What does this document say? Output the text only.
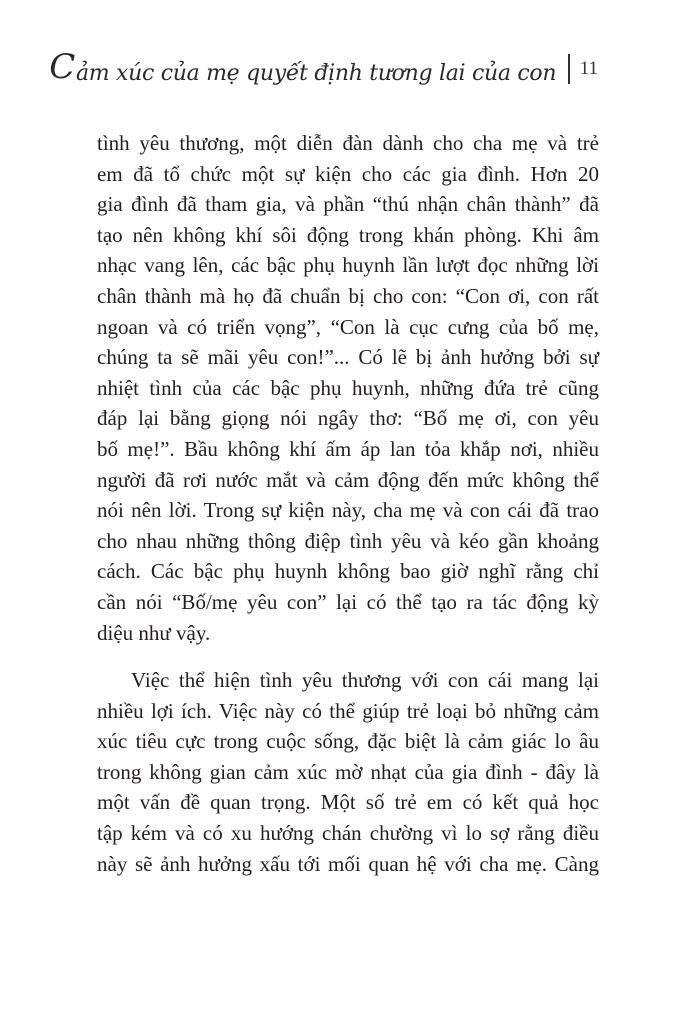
Cảm xúc của mẹ quyết định tương lai của con 11
tình yêu thương, một diễn đàn dành cho cha mẹ và trẻ
em đã tổ chức một sự kiện cho các gia đình. Hơn 20
gia đình đã tham gia, và phần “thú nhận chân thành” đã
tạo nên không khí sôi động trong khán phòng. Khi âm
nhạc vang lên, các bậc phụ huynh lần lượt đọc những lời
chân thành mà họ đã chuẩn bị cho con: “Con ơi, con rất
ngoan và có triển vọng”, “Con là cục cưng của bố mẹ,
chúng ta sẽ mãi yêu con!”... Có lẽ bị ảnh hưởng bởi sự
nhiệt tình của các bậc phụ huynh, những đứa trẻ cũng
đáp lại bằng giọng nói ngây thơ: “Bố mẹ ơi, con yêu
bố mẹ!”. Bầu không khí ấm áp lan tỏa khắp nơi, nhiều
người đã rơi nước mắt và cảm động đến mức không thể
nói nên lời. Trong sự kiện này, cha mẹ và con cái đã trao
cho nhau những thông điệp tình yêu và kéo gần khoảng
cách. Các bậc phụ huynh không bao giờ nghĩ rằng chỉ
cần nói “Bố/mẹ yêu con” lại có thể tạo ra tác động kỳ
diệu như vậy.
Việc thể hiện tình yêu thương với con cái mang lại
nhiều lợi ích. Việc này có thể giúp trẻ loại bỏ những cảm
xúc tiêu cực trong cuộc sống, đặc biệt là cảm giác lo âu
trong không gian cảm xúc mờ nhạt của gia đình - đây là
một vấn đề quan trọng. Một số trẻ em có kết quả học
tập kém và có xu hướng chán chường vì lo sợ rằng điều
này sẽ ảnh hưởng xấu tới mối quan hệ với cha mẹ. Càng
